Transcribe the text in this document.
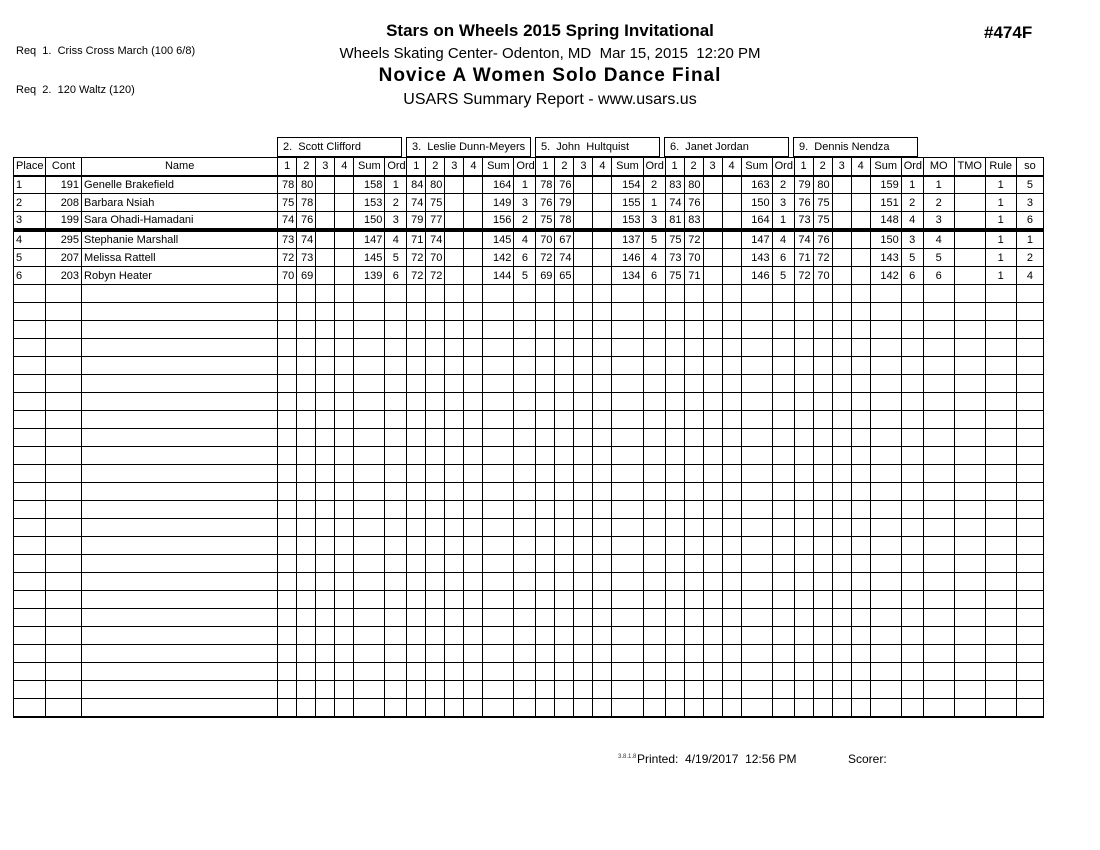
Req  1.  Criss Cross March (100 6/8)

Req  2.  120 Waltz (120)

#474F
Stars on Wheels 2015 Spring Invitational
Wheels Skating Center- Odenton, MD  Mar 15, 2015  12:20 PM
Novice A Women Solo Dance Final
USARS Summary Report - www.usars.us
2.  Scott Clifford	3.  Leslie Dunn-Meyers	5.  John  Hultquist	6.  Janet Jordan	9.  Dennis Nendza
Place	Cont	Name	1	2	3	4	Sum	Ord	1	2	3	4	Sum	Ord	1	2	3	4	Sum	Ord	1	2	3	4	Sum	Ord	1	2	3	4	Sum	Ord	MO	TMO	Rule	so
1	191	Genelle Brakefield	78	80			158	1	84	80			164	1	78	76			154	2	83	80			163	2	79	80			159	1	1		1	5
2	208	Barbara Nsiah	75	78			153	2	74	75			149	3	76	79			155	1	74	76			150	3	76	75			151	2	2		1	3
3	199	Sara Ohadi-Hamadani	74	76			150	3	79	77			156	2	75	78			153	3	81	83			164	1	73	75			148	4	3		1	6
4	295	Stephanie Marshall	73	74			147	4	71	74			145	4	70	67			137	5	75	72			147	4	74	76			150	3	4		1	1
5	207	Melissa Rattell	72	73			145	5	72	70			142	6	72	74			146	4	73	70			143	6	71	72			143	5	5		1	2
6	203	Robyn Heater	70	69			139	6	72	72			144	5	69	65			134	6	75	71			146	5	72	70			142	6	6		1	4

3.8.1.8 Printed:  4/19/2017  12:56 PM	Scorer:
